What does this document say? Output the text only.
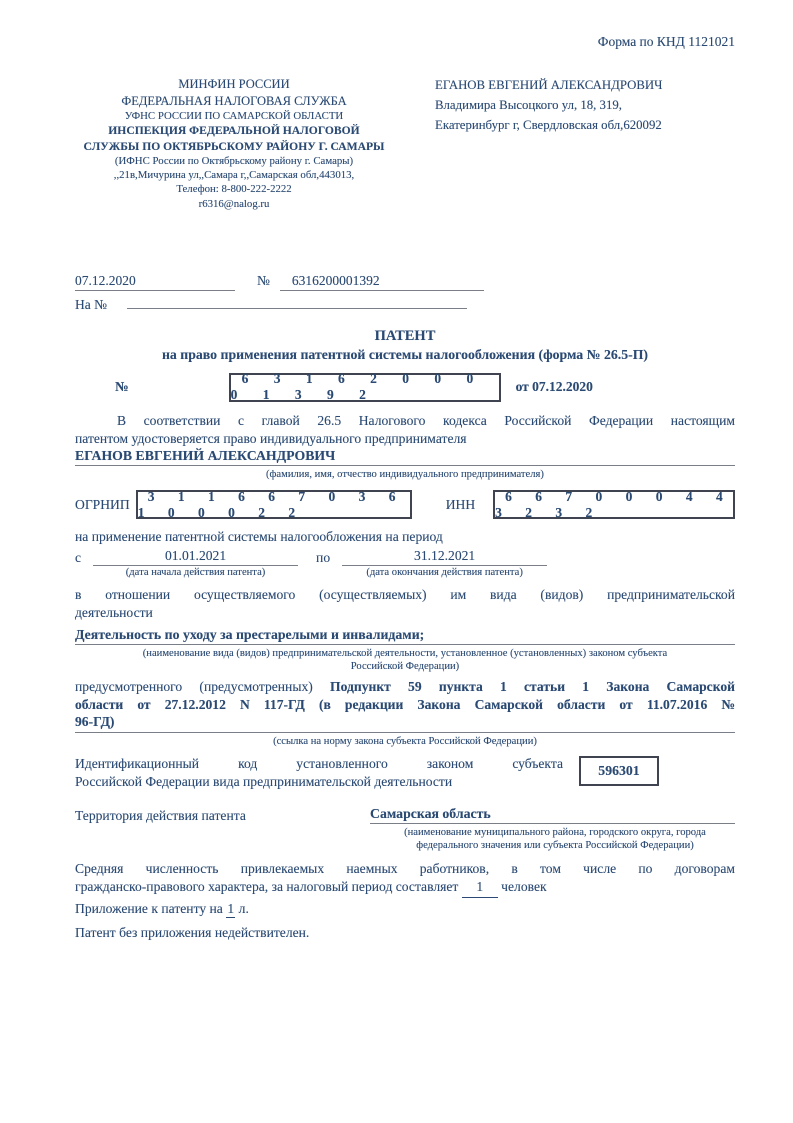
Форма по КНД 1121021
МИНФИН РОССИИ
ФЕДЕРАЛЬНАЯ НАЛОГОВАЯ СЛУЖБА
УФНС РОССИИ ПО САМАРСКОЙ ОБЛАСТИ
ИНСПЕКЦИЯ ФЕДЕРАЛЬНОЙ НАЛОГОВОЙ
СЛУЖБЫ ПО ОКТЯБРЬСКОМУ РАЙОНУ Г. САМАРЫ
(ИФНС России по Октябрьскому району г. Самары)
,,21в,Мичурина ул,,Самара г,,Самарская обл,443013,
Телефон: 8-800-222-2222
r6316@nalog.ru
ЕГАНОВ ЕВГЕНИЙ АЛЕКСАНДРОВИЧ
Владимира Высоцкого ул, 18, 319,
Екатеринбург г, Свердловская обл,620092
07.12.2020	№	6316200001392
На №
ПАТЕНТ
на право применения патентной системы налогообложения (форма № 26.5-П)
№
6 3 1 6 2 0 0 0 0 1 3 9 2
от 07.12.2020
В соответствии с главой 26.5 Налогового кодекса Российской Федерации настоящим
патентом удостоверяется право индивидуального предпринимателя
ЕГАНОВ ЕВГЕНИЙ АЛЕКСАНДРОВИЧ
(фамилия, имя, отчество индивидуального предпринимателя)
ОГРНИП
3 1 1 6 6 7 0 3 6 1 0 0 0 2 2
ИНН
6 6 7 0 0 0 4 4 3 2 3 2
на применение патентной системы налогообложения на период
с	01.01.2021
(дата начала действия патента)
по	31.12.2021
(дата окончания действия патента)
в отношении осуществляемого (осуществляемых) им вида (видов) предпринимательской
деятельности
Деятельность по уходу за престарелыми и инвалидами;
(наименование вида (видов) предпринимательской деятельности, установленное (установленных) законом субъекта
Российской Федерации)
предусмотренного (предусмотренных) Подпункт 59 пункта 1 статьи 1 Закона Самарской
области от 27.12.2012 N 117-ГД (в редакции Закона Самарской области от 11.07.2016 №
96-ГД)
(ссылка на норму закона субъекта Российской Федерации)
Идентификационный код установленного законом субъекта
Российской Федерации вида предпринимательской деятельности
596301
Территория действия патента	Самарская область
(наименование муниципального района, городского округа, города
федерального значения или субъекта Российской Федерации)
Средняя численность привлекаемых наемных работников, в том числе по договорам
гражданско-правового характера, за налоговый период составляет 1 человек
Приложение к патенту на 1 л.
Патент без приложения недействителен.
